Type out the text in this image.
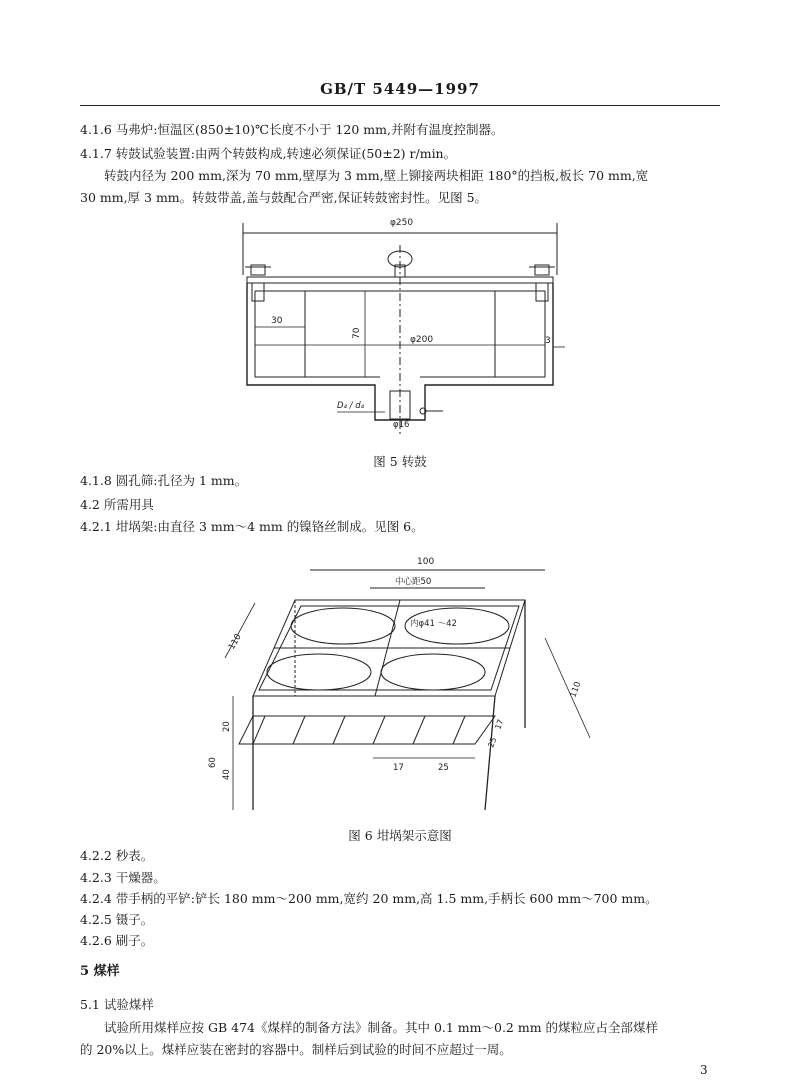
GB/T 5449—1997
4.1.6 马弗炉:恒温区(850±10)℃长度不小于 120 mm,并附有温度控制器。
4.1.7 转鼓试验装置:由两个转鼓构成,转速必须保证(50±2) r/min。
转鼓内径为 200 mm,深为 70 mm,壁厚为 3 mm,壁上铆接两块相距 180°的挡板,板长 70 mm,宽
30 mm,厚 3 mm。转鼓带盖,盖与鼓配合严密,保证转鼓密封性。见图 5。
φ250
φ200
30
70
3
D₄ / d₄
φ16
图 5 转鼓
4.1.8 圆孔筛:孔径为 1 mm。
4.2 所需用具
4.2.1 坩埚架:由直径 3 mm～4 mm 的镍铬丝制成。见图 6。
100
中心距50
内φ41 ～42
20
60
40
110
110
17
25
17	25
图 6 坩埚架示意图
4.2.2 秒表。
4.2.3 干燥器。
4.2.4 带手柄的平铲:铲长 180 mm～200 mm,宽约 20 mm,高 1.5 mm,手柄长 600 mm～700 mm。
4.2.5 镊子。
4.2.6 刷子。
5 煤样
5.1 试验煤样
试验所用煤样应按 GB 474《煤样的制备方法》制备。其中 0.1 mm～0.2 mm 的煤粒应占全部煤样
的 20%以上。煤样应装在密封的容器中。制样后到试验的时间不应超过一周。
3
